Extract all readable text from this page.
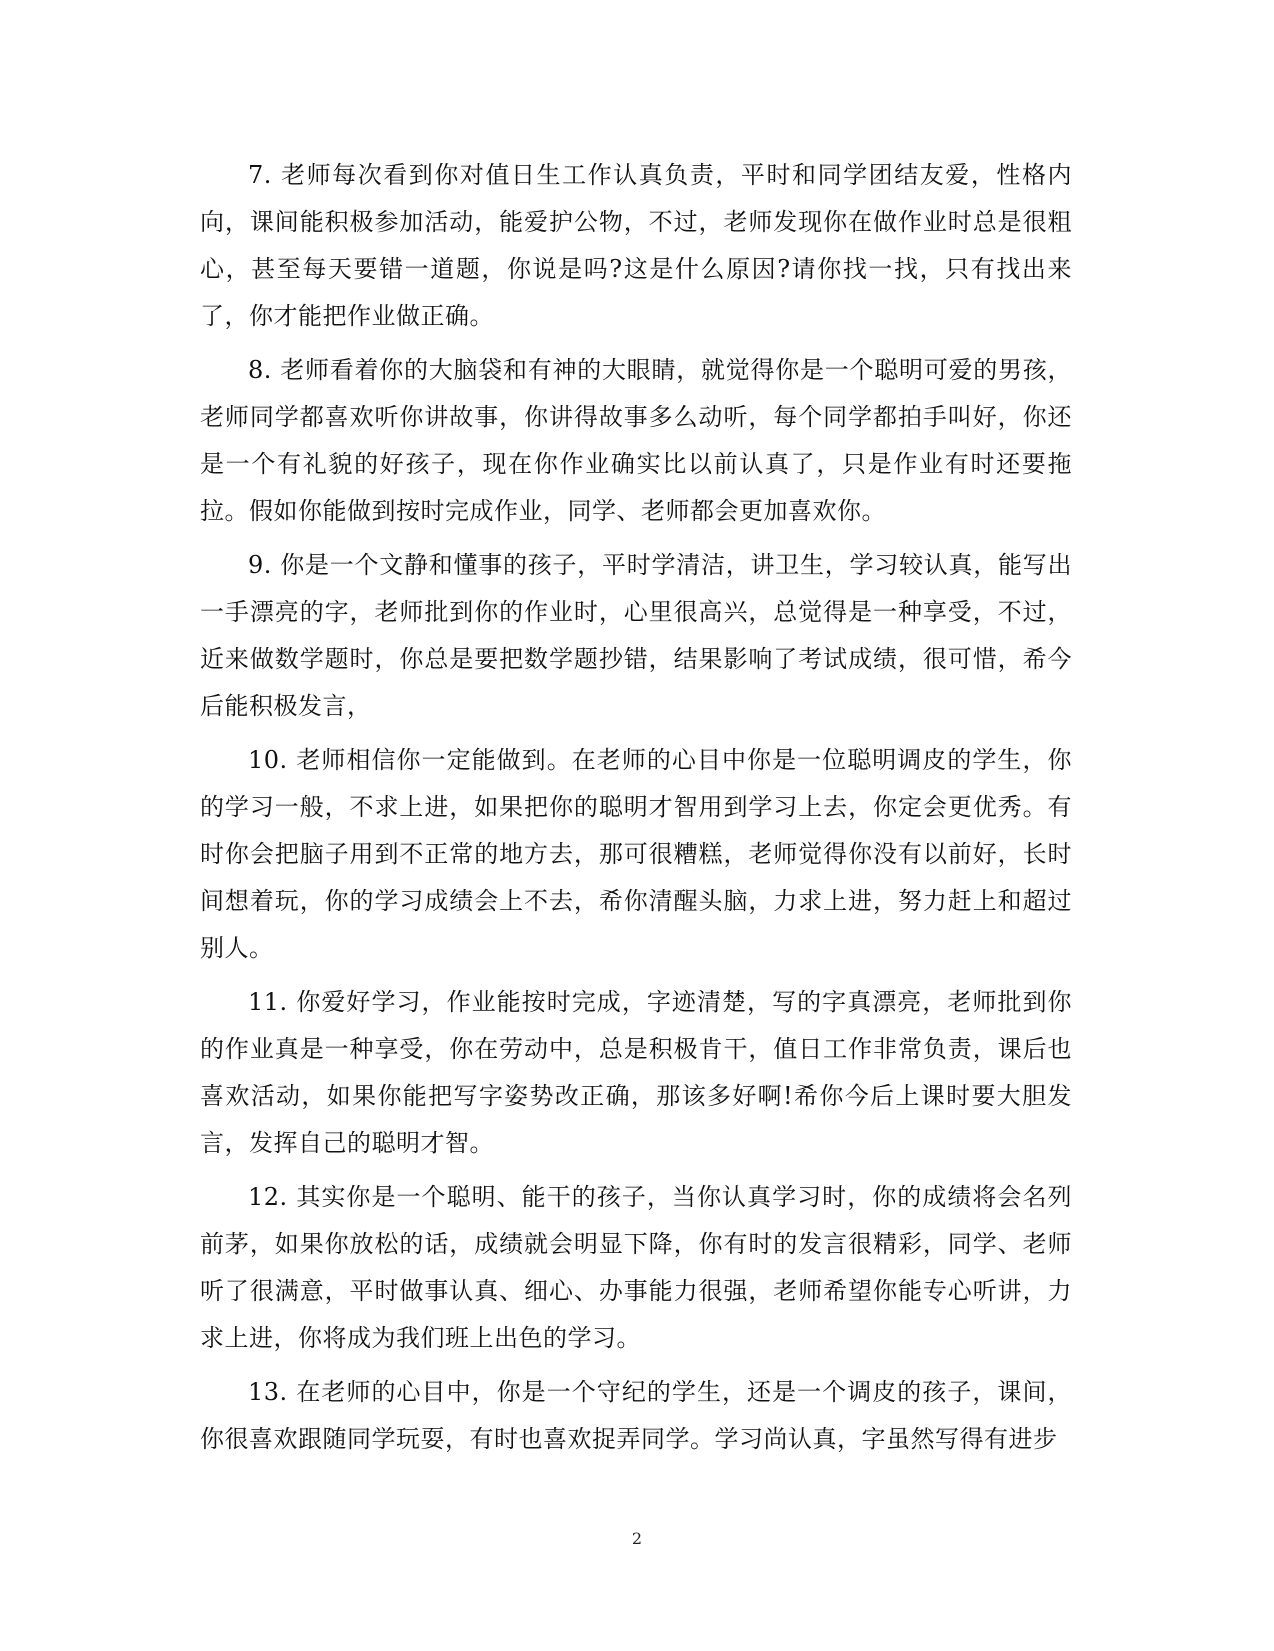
7. 老师每次看到你对值日生工作认真负责，平时和同学团结友爱，性格内向，课间能积极参加活动，能爱护公物，不过，老师发现你在做作业时总是很粗心，甚至每天要错一道题，你说是吗?这是什么原因?请你找一找，只有找出来了，你才能把作业做正确。

8. 老师看着你的大脑袋和有神的大眼睛，就觉得你是一个聪明可爱的男孩，老师同学都喜欢听你讲故事，你讲得故事多么动听，每个同学都拍手叫好，你还是一个有礼貌的好孩子，现在你作业确实比以前认真了，只是作业有时还要拖拉。假如你能做到按时完成作业，同学、老师都会更加喜欢你。

9. 你是一个文静和懂事的孩子，平时学清洁，讲卫生，学习较认真，能写出一手漂亮的字，老师批到你的作业时，心里很高兴，总觉得是一种享受，不过，近来做数学题时，你总是要把数学题抄错，结果影响了考试成绩，很可惜，希今后能积极发言，

10. 老师相信你一定能做到。在老师的心目中你是一位聪明调皮的学生，你的学习一般，不求上进，如果把你的聪明才智用到学习上去，你定会更优秀。有时你会把脑子用到不正常的地方去，那可很糟糕，老师觉得你没有以前好，长时间想着玩，你的学习成绩会上不去，希你清醒头脑，力求上进，努力赶上和超过别人。

11. 你爱好学习，作业能按时完成，字迹清楚，写的字真漂亮，老师批到你的作业真是一种享受，你在劳动中，总是积极肯干，值日工作非常负责，课后也喜欢活动，如果你能把写字姿势改正确，那该多好啊!希你今后上课时要大胆发言，发挥自己的聪明才智。

12. 其实你是一个聪明、能干的孩子，当你认真学习时，你的成绩将会名列前茅，如果你放松的话，成绩就会明显下降，你有时的发言很精彩，同学、老师听了很满意，平时做事认真、细心、办事能力很强，老师希望你能专心听讲，力求上进，你将成为我们班上出色的学习。

13. 在老师的心目中，你是一个守纪的学生，还是一个调皮的孩子，课间，你很喜欢跟随同学玩耍，有时也喜欢捉弄同学。学习尚认真，字虽然写得有进步

2
